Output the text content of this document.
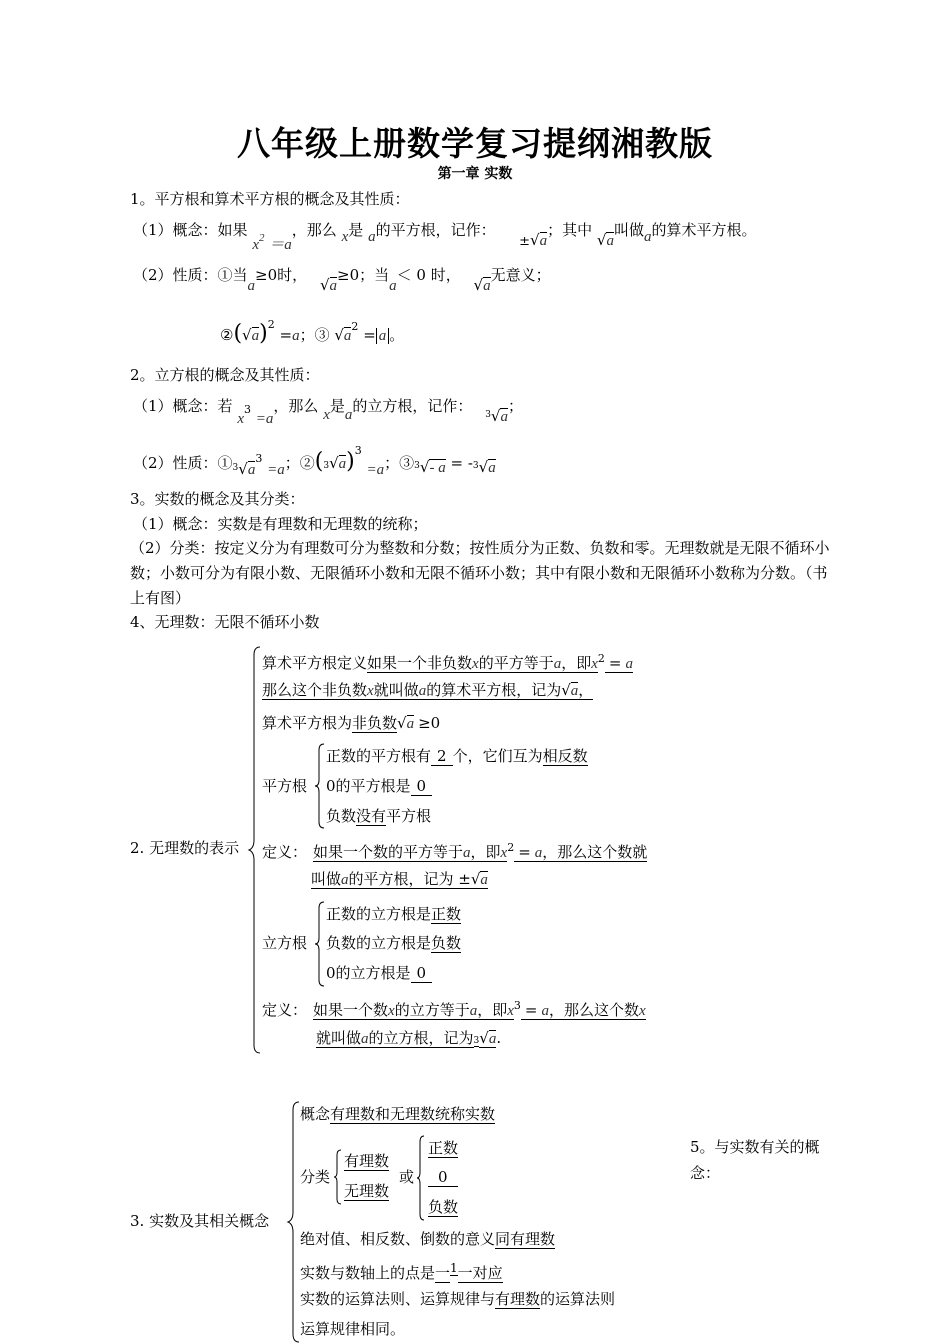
八年级上册数学复习提纲湘教版
第一章 实数
1。平方根和算术平方根的概念及其性质：
（1）概念：如果 $x^2 =a$，那么 x是 a的平方根，记作：  ±√a；其中 √a叫做a的算术平方根。
（2）性质：①当a≥0时， √a≥0；当a＜ 0 时， √a无意义；
$②(√a)^2 =a$；③ $√a^2 = a$ 。
2。立方根的概念及其性质：
（1）概念：若 $x^3 =a$，那么 x是a的立方根，记作： $_3$√a；
（2）性质：$①3√a^3 =a$；$②(3√a)^3 =a$；③3√- a = -3√a
3。实数的概念及其分类：
（1）概念：实数是有理数和无理数的统称；
（2）分类：按定义分为有理数可分为整数和分数；按性质分为正数、负数和零。无理数就是无限不循环小数；小数可分为有限小数、无限循环小数和无限不循环小数；其中有限小数和无限循环小数称为分数。（书上有图）
4、无理数：无限不循环小数
2. 无理数的表示
算术平方根定义如果一个非负数x的平方等于a，即$x^2 = a$
那么这个非负数x就叫做a的算术平方根，记为√a，
算术平方根为非负数√a ≥0
平方根
正数的平方根有 2 个，它们互为相反数
0的平方根是 0
负数没有平方根
定义： 如果一个数的平方等于a，即$x^2 = a$，那么这个数就
叫做a的平方根，记为 ±√a
立方根
正数的立方根是正数
负数的立方根是负数
0的立方根是 0
定义： 如果一个数x的立方等于a，即$x^3 = a$，那么这个数x
就叫做a的立方根，记为3√a.
3. 实数及其相关概念
概念有理数和无理数统称实数
分类
有理数
无理数
或
正数
0
负数
绝对值、相反数、倒数的意义同有理数
实数与数轴上的点是一$^1$一对应
实数的运算法则、运算规律与有理数的运算法则
运算规律相同。
5。与实数有关的概念：
